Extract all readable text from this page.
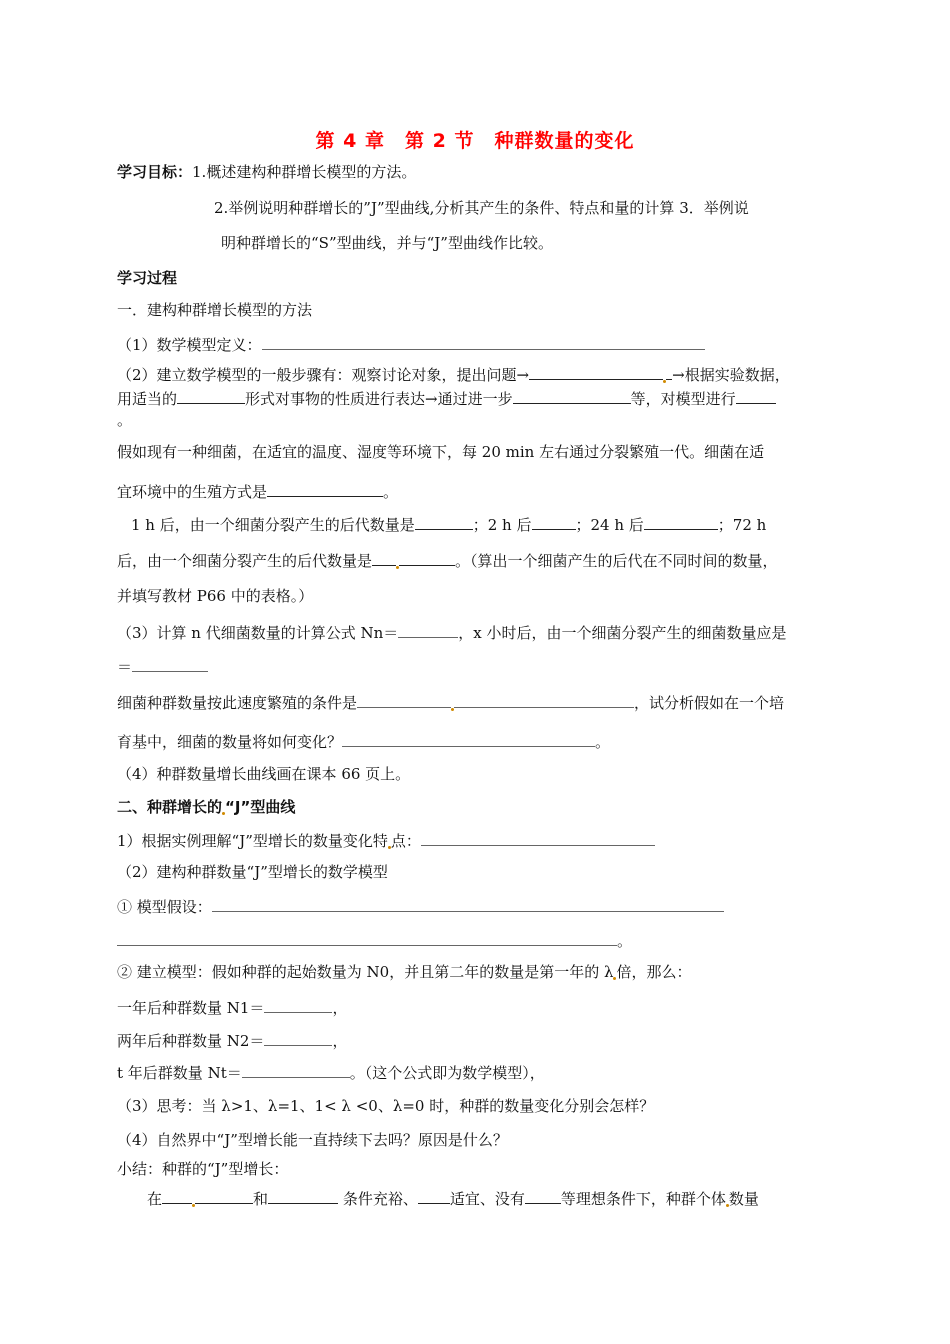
第 4 章　第 2 节　种群数量的变化
学习目标：1.概述建构种群增长模型的方法。
2.举例说明种群增长的”J”型曲线,分析其产生的条件、特点和量的计算 3．举例说
明种群增长的“S”型曲线，并与“J”型曲线作比较。
学习过程
一．建构种群增长模型的方法
（1）数学模型定义：
（2）建立数学模型的一般步骤有：观察讨论对象，提出问题→	→根据实验数据，
用适当的	形式对事物的性质进行表达→通过进一步	等，对模型进行
。
假如现有一种细菌，在适宜的温度、湿度等环境下，每 20 min 左右通过分裂繁殖一代。细菌在适
宜环境中的生殖方式是	。
1 h 后，由一个细菌分裂产生的后代数量是	；2 h 后	；24 h 后	；72 h
后，由一个细菌分裂产生的后代数量是	。（算出一个细菌产生的后代在不同时间的数量，
并填写教材 P66 中的表格。）
（3）计算 n 代细菌数量的计算公式 Nn＝	，x 小时后，由一个细菌分裂产生的细菌数量应是
＝
细菌种群数量按此速度繁殖的条件是	，试分析假如在一个培
育基中，细菌的数量将如何变化？	。
（4）种群数量增长曲线画在课本 66 页上。
二、种群增长的 “J”型曲线
1）根据实例理解“J”型增长的数量变化特 点：
（2）建构种群数量“J”型增长的数学模型
① 模型假设：
。
② 建立模型：假如种群的起始数量为 N0，并且第二年的数量是第一年的 λ 倍，那么：
一年后种群数量 N1＝	，
两年后种群数量 N2＝	，
t 年后群数量 Nt＝	。（这个公式即为数学模型），
（3）思考：当 λ>1、λ=1、1< λ <0、λ=0 时，种群的数量变化分别会怎样？
（4）自然界中“J”型增长能一直持续下去吗？原因是什么？
小结：种群的“J”型增长：
在	和	条件充裕、 适宜、没有 等理想条件下，种群个体 数量
